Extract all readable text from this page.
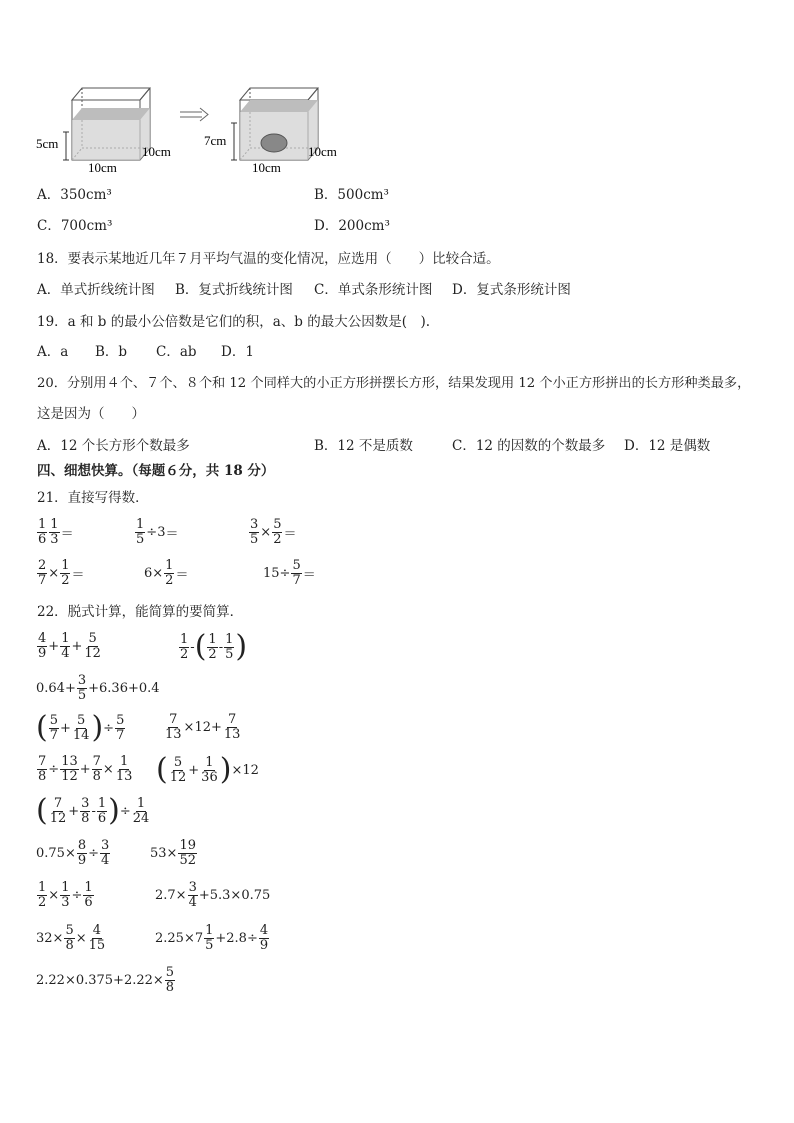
5cm
10cm
10cm
7cm
10cm
10cm
A．350cm³	B．500cm³
C．700cm³	D．200cm³
18．要表示某地近几年７月平均气温的变化情况，应选用（　　）比较合适。
A．单式折线统计图 B．复式折线统计图 C．单式条形统计图 D．复式条形统计图
19．a 和 b 的最小公倍数是它们的积，a、b 的最大公因数是(　).
A．a B．b C．ab D．1
20．分别用４个、７个、８个和 12 个同样大的小正方形拼摆长方形，结果发现用 12 个小正方形拼出的长方形种类最多，
这是因为（　　）
A．12 个长方形个数最多	B．12 不是质数	C．12 的因数的个数最多 D．12 是偶数
四、细想快算。（每题６分，共 18 分）
21．直接写得数．
$\frac{1}{6} \frac{1}{3}$ ＝	$\frac{1}{5} \div 3$ ＝	$\frac{3}{5} \times \frac{5}{2}$ ＝
$\frac{2}{7} \times \frac{1}{2}$ ＝	$6\times \frac{1}{2}$ ＝	$15\div \frac{5}{7}$ ＝
22．脱式计算，能简算的要简算．
$\frac{4}{9} + \frac{1}{4} + \frac{5}{12}$	$\frac{1}{2}$ - ( $\frac{1}{2} - \frac{1}{5}$ )
$0.64+ \frac{3}{5} +6.36+0.4$
( $\frac{5}{7} + \frac{5}{14}$ ) ÷ $\frac{5}{7}$	$\frac{7}{13} \times 12+ \frac{7}{13}$
$\frac{7}{8} \div \frac{13}{12} + \frac{7}{8} \times \frac{1}{13}$ ( $\frac{5}{12} + \frac{1}{36}$ ) ×12
( $\frac{7}{12} + \frac{3}{8} - \frac{1}{6}$ ) ÷ $\frac{1}{24}$
$0.75\times \frac{8}{9} \div \frac{3}{4}$	$53\times \frac{19}{52}$
$\frac{1}{2} \times \frac{1}{3} \div \frac{1}{6}$	$2.7\times \frac{3}{4} +5.3\times 0.75$
$32\times \frac{5}{8} \times \frac{4}{15}$	$2.25\times 7 \frac{1}{5} +2.8\div \frac{4}{9}$
$2.22\times 0.375+2.22\times \frac{5}{8}$
